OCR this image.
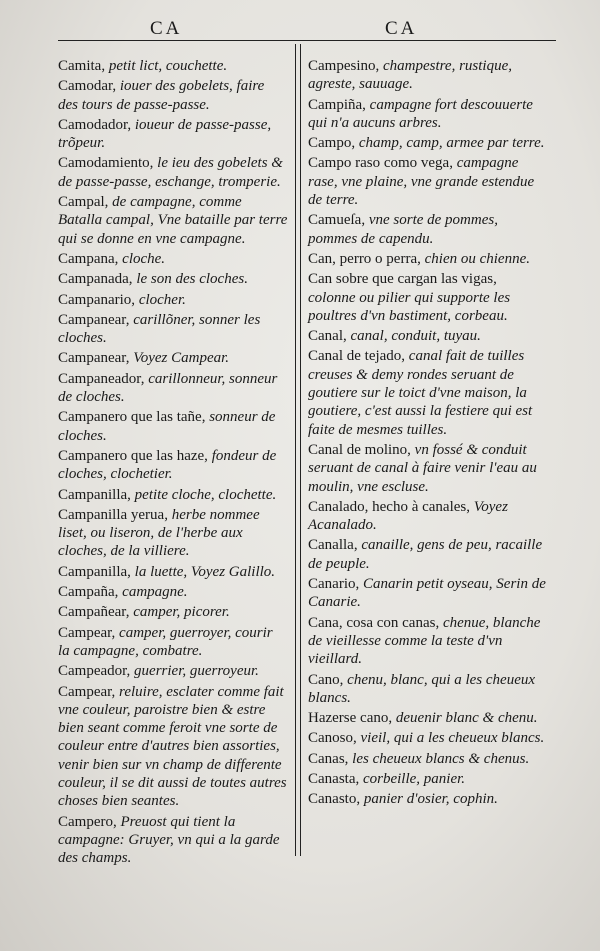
CA	CA
Camita, petit lict, couchette.
Camodar, iouer des gobelets, faire des tours de passe-passe.
Camodador, ioueur de passe-passe, trõpeur.
Camodamiento, le ieu des gobelets & de passe-passe, eschange, tromperie.
Campal, de campagne, comme Batalla campal, Vne bataille par terre qui se donne en vne campagne.
Campana, cloche.
Campanada, le son des cloches.
Campanario, clocher.
Campanear, carillõner, sonner les cloches.
Campanear, Voyez Campear.
Campaneador, carillonneur, sonneur de cloches.
Campanero que las tañe, sonneur de cloches.
Campanero que las haze, fondeur de cloches, clochetier.
Campanilla, petite cloche, clochette.
Campanilla yerua, herbe nommee liset, ou liseron, de l'herbe aux cloches, de la villiere.
Campanilla, la luette, Voyez Galillo.
Campaña, campagne.
Campañear, camper, picorer.
Campear, camper, guerroyer, courir la campagne, combatre.
Campeador, guerrier, guerroyeur.
Campear, reluire, esclater comme fait vne couleur, paroistre bien & estre bien seant comme feroit vne sorte de couleur entre d'autres bien assorties, venir bien sur vn champ de differente couleur, il se dit aussi de toutes autres choses bien seantes.
Campero, Preuost qui tient la campagne: Gruyer, vn qui a la garde des champs.
Campesino, champestre, rustique, agreste, sauuage.
Campiña, campagne fort descouuerte qui n'a aucuns arbres.
Campo, champ, camp, armee par terre.
Campo raso como vega, campagne rase, vne plaine, vne grande estendue de terre.
Camueſa, vne sorte de pommes, pommes de capendu.
Can, perro o perra, chien ou chienne.
Can sobre que cargan las vigas, colonne ou pilier qui supporte les poultres d'vn bastiment, corbeau.
Canal, canal, conduit, tuyau.
Canal de tejado, canal fait de tuilles creuses & demy rondes seruant de goutiere sur le toict d'vne maison, la goutiere, c'est aussi la festiere qui est faite de mesmes tuilles.
Canal de molino, vn fossé & conduit seruant de canal à faire venir l'eau au moulin, vne escluse.
Canalado, hecho à canales, Voyez Acanalado.
Canalla, canaille, gens de peu, racaille de peuple.
Canario, Canarin petit oyseau, Serin de Canarie.
Cana, cosa con canas, chenue, blanche de vieillesse comme la teste d'vn vieillard.
Cano, chenu, blanc, qui a les cheueux blancs.
Hazerse cano, deuenir blanc & chenu.
Canoso, vieil, qui a les cheueux blancs.
Canas, les cheueux blancs & chenus.
Canasta, corbeille, panier.
Canasto, panier d'osier, cophin.
